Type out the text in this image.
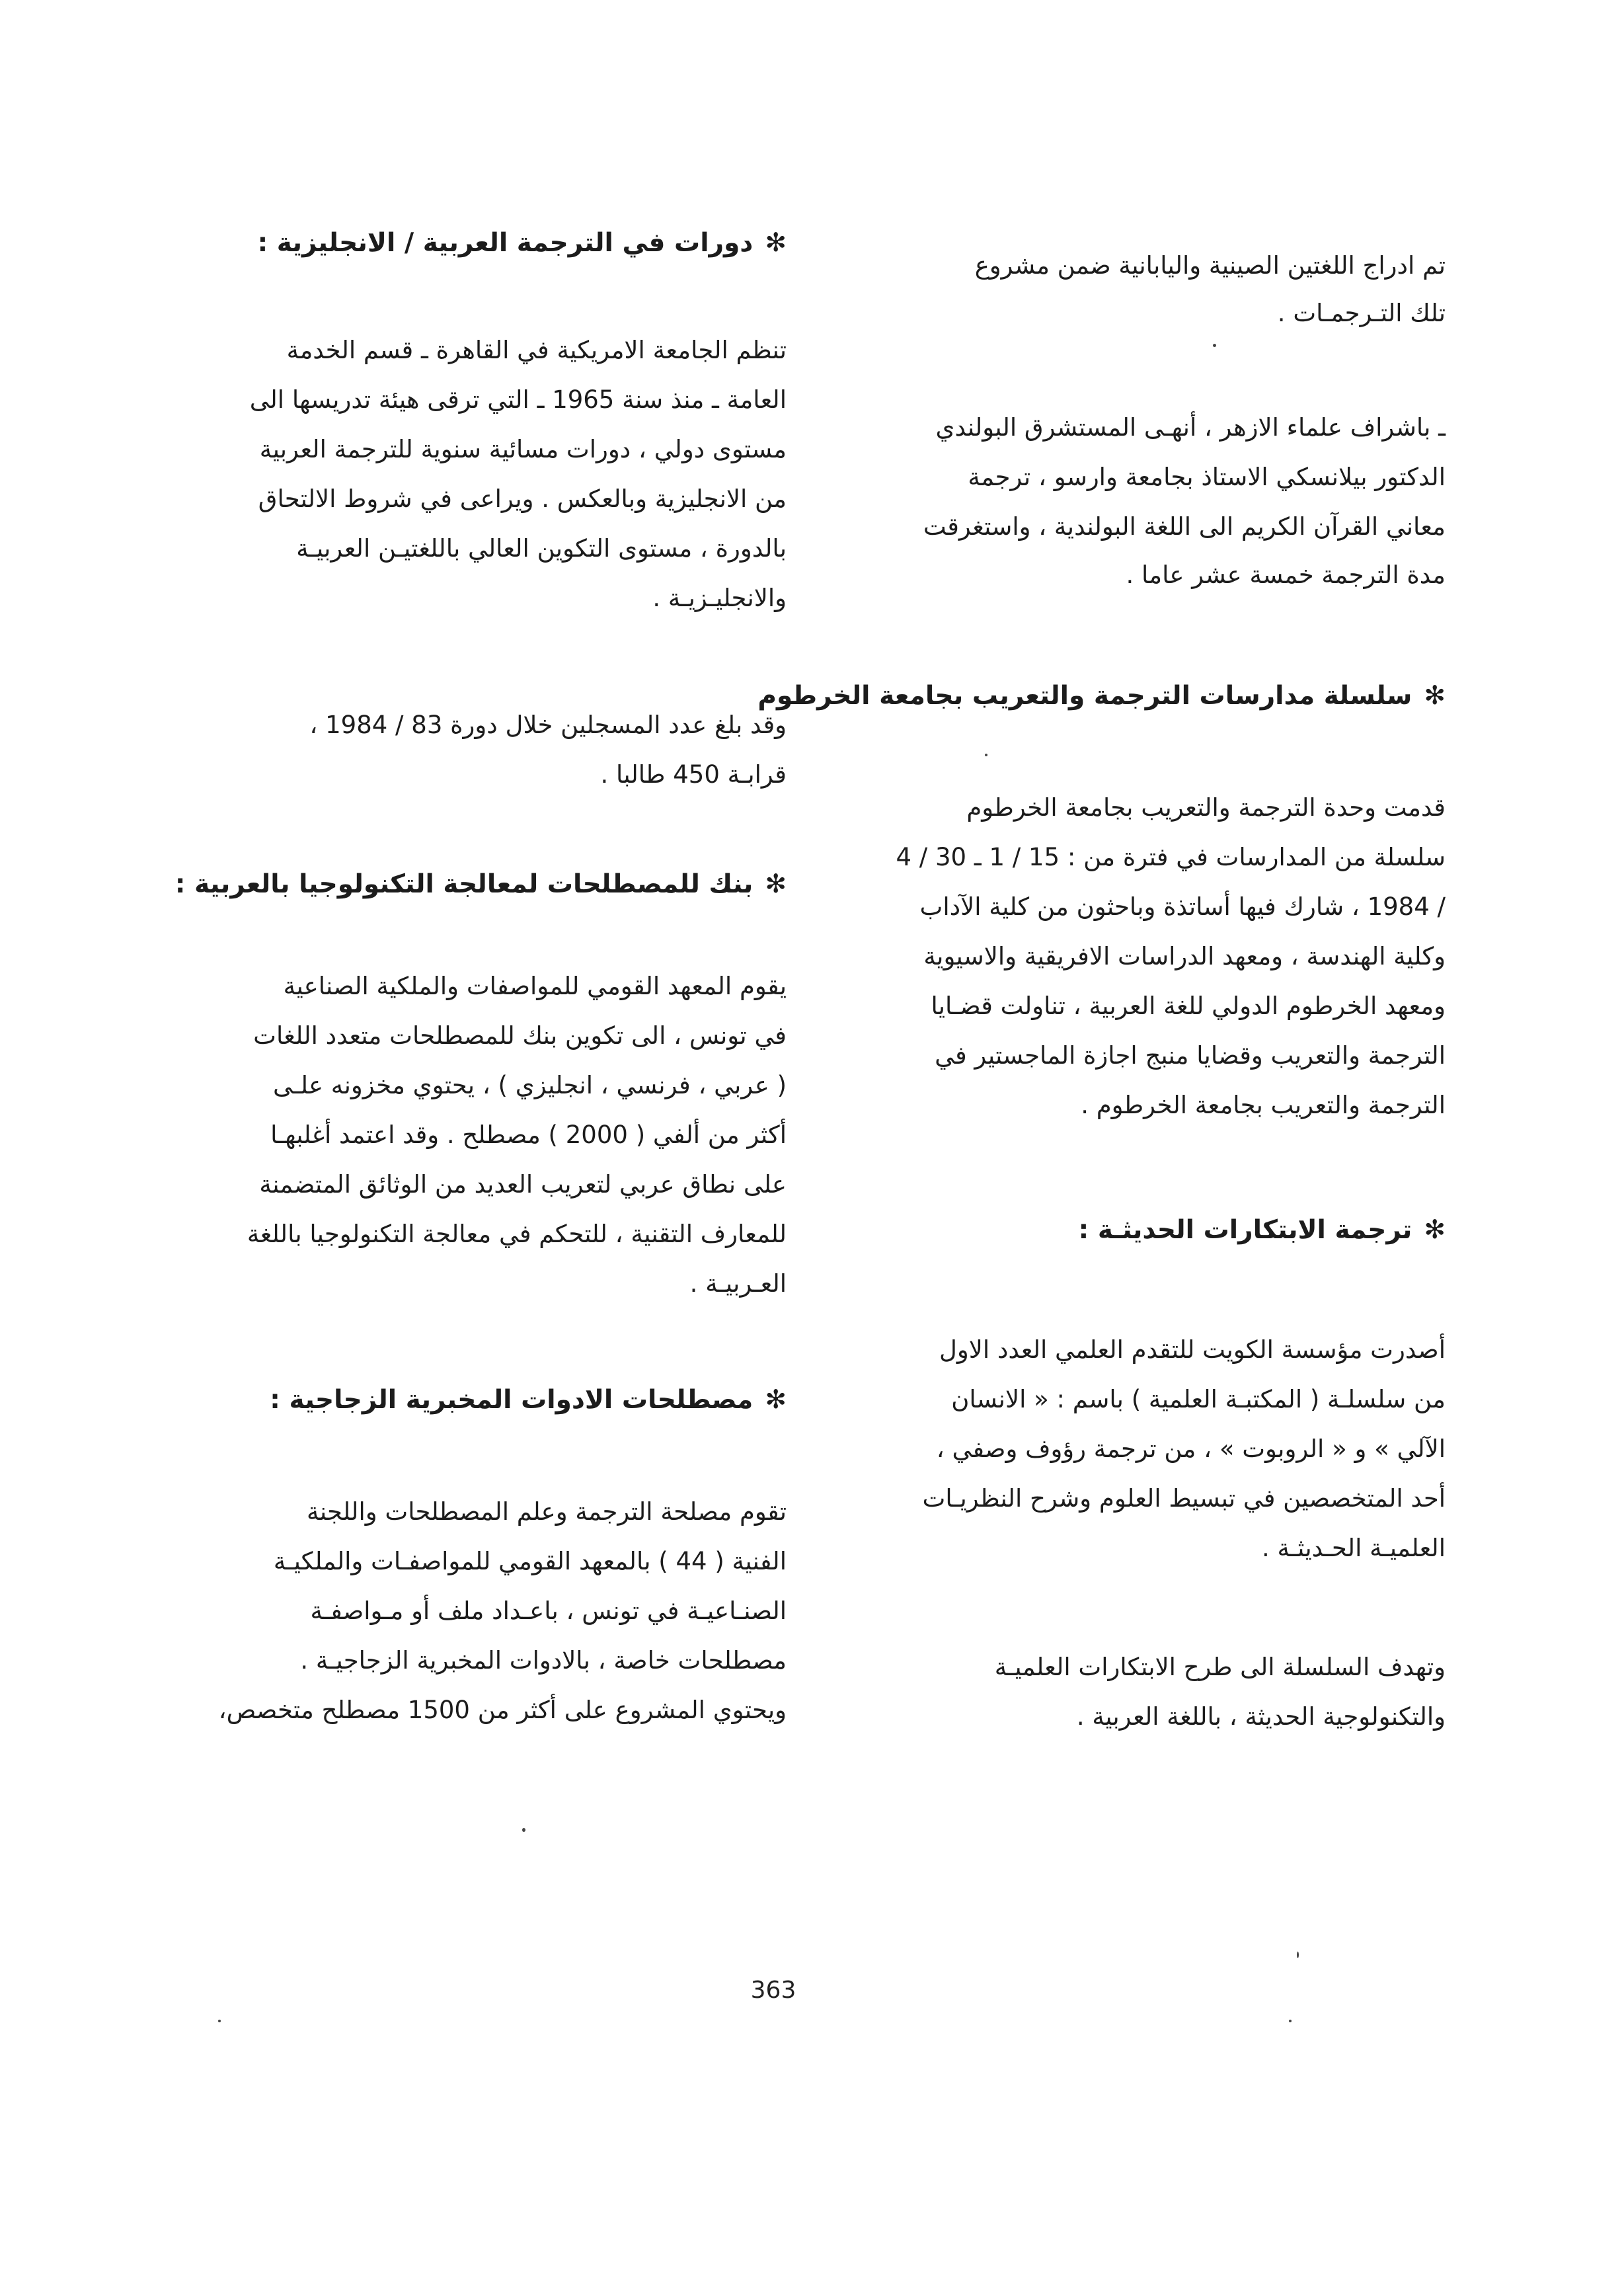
تم ادراج اللغتين الصينية واليابانية ضمن مشروع
تلك التـرجمـات .
ـ باشراف علماء الازهر ، أنهـى المستشرق البولندي
الدكتور بيلانسكي الاستاذ بجامعة وارسو ، ترجمة
معاني القرآن الكريم الى اللغة البولندية ، واستغرقت
مدة الترجمة خمسة عشر عاما .
✻سلسلة مدارسات الترجمة والتعريب بجامعة الخرطوم
قدمت وحدة الترجمة والتعريب بجامعة الخرطوم
سلسلة من المدارسات في فترة من : 15 / 1 ـ 30 / 4
/ 1984 ، شارك فيها أساتذة وباحثون من كلية الآداب
وكلية الهندسة ، ومعهد الدراسات الافريقية والاسيوية
ومعهد الخرطوم الدولي للغة العربية ، تناولت قضـايا
الترجمة والتعريب وقضايا منبج اجازة الماجستير في
الترجمة والتعريب بجامعة الخرطوم .
✻ترجمة الابتكارات الحديثـة :
أصدرت مؤسسة الكويت للتقدم العلمي العدد الاول
من سلسلـة ( المكتبـة العلمية ) باسم : « الانسان
الآلي » و « الروبوت » ، من ترجمة رؤوف وصفي ،
أحد المتخصصين في تبسيط العلوم وشرح النظريـات
العلميـة الحـديثـة .
وتهدف السلسلة الى طرح الابتكارات العلميـة
والتكنولوجية الحديثة ، باللغة العربية .
✻دورات في الترجمة العربية / الانجليزية :
تنظم الجامعة الامريكية في القاهرة ـ قسم الخدمة
العامة ـ منذ سنة 1965 ـ التي ترقى هيئة تدريسها الى
مستوى دولي ، دورات مسائية سنوية للترجمة العربية
من الانجليزية وبالعكس . ويراعى في شروط الالتحاق
بالدورة ، مستوى التكوين العالي باللغتيـن العربيـة
والانجليـزيـة .
وقد بلغ عدد المسجلين خلال دورة 83 / 1984 ،
قرابـة 450 طالبا .
✻بنك للمصطلحات لمعالجة التكنولوجيا بالعربية :
يقوم المعهد القومي للمواصفات والملكية الصناعية
في تونس ، الى تكوين بنك للمصطلحات متعدد اللغات
( عربي ، فرنسي ، انجليزي ) ، يحتوي مخزونه علـى
أكثر من ألفي ( 2000 ) مصطلح . وقد اعتمد أغلبهـا
على نطاق عربي لتعريب العديد من الوثائق المتضمنة
للمعارف التقنية ، للتحكم في معالجة التكنولوجيا باللغة
العـربيـة .
✻مصطلحات الادوات المخبرية الزجاجية :
تقوم مصلحة الترجمة وعلم المصطلحات واللجنة
الفنية ( 44 ) بالمعهد القومي للمواصفـات والملكيـة
الصنـاعيـة في تونس ، باعـداد ملف أو مـواصفـة
مصطلحات خاصة ، بالادوات المخبرية الزجاجيـة .
ويحتوي المشروع على أكثر من 1500 مصطلح متخصص،
363
